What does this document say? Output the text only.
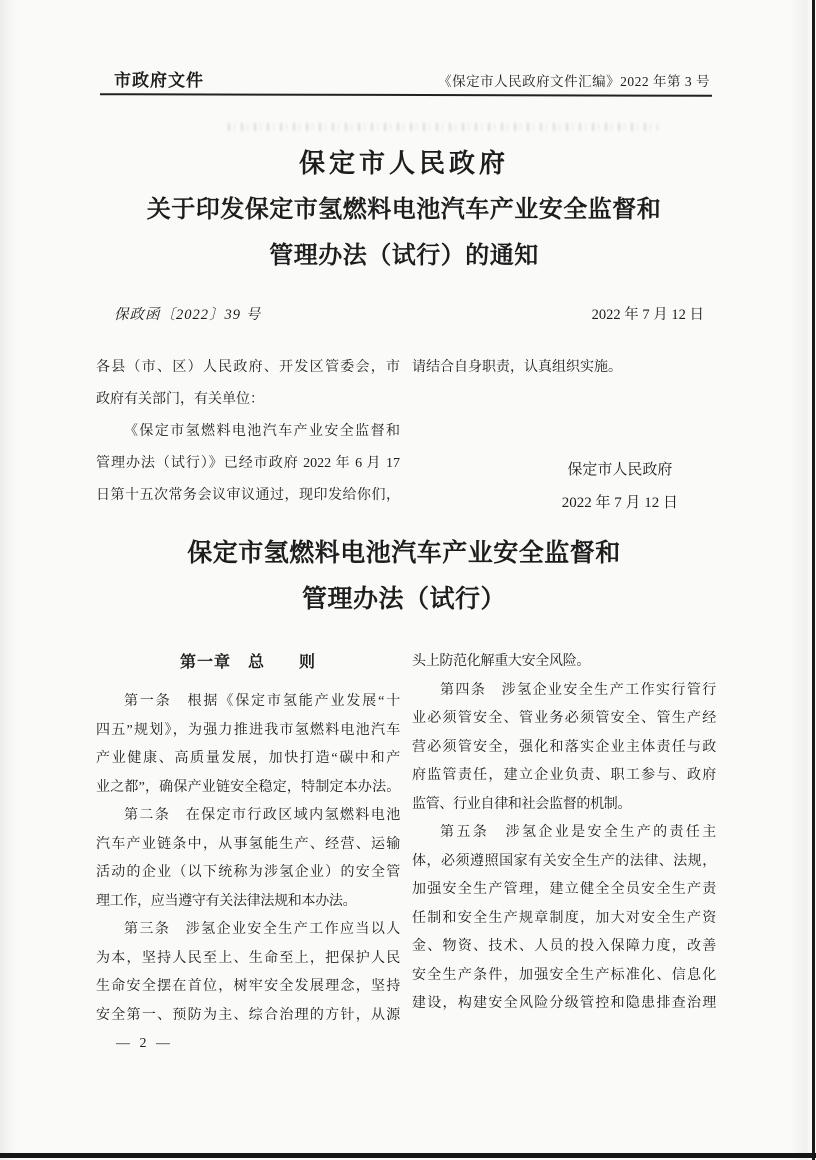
市政府文件	《保定市人民政府文件汇编》2022 年第 3 号
保定市人民政府
关于印发保定市氢燃料电池汽车产业安全监督和
管理办法（试行）的通知
保政函〔2022〕39 号	2022 年 7 月 12 日
各县（市、区）人民政府、开发区管委会，市
政府有关部门，有关单位：
《保定市氢燃料电池汽车产业安全监督和
管理办法（试行）》已经市政府 2022 年 6 月 17
日第十五次常务会议审议通过，现印发给你们，
请结合自身职责，认真组织实施。
保定市人民政府
2022 年 7 月 12 日
保定市氢燃料电池汽车产业安全监督和
管理办法（试行）
第一章　总　　则
第一条　根据《保定市氢能产业发展“十
四五”规划》，为强力推进我市氢燃料电池汽车
产业健康、高质量发展，加快打造“碳中和产
业之都”，确保产业链安全稳定，特制定本办法。
第二条　在保定市行政区域内氢燃料电池
汽车产业链条中，从事氢能生产、经营、运输
活动的企业（以下统称为涉氢企业）的安全管
理工作，应当遵守有关法律法规和本办法。
第三条　涉氢企业安全生产工作应当以人
为本，坚持人民至上、生命至上，把保护人民
生命安全摆在首位，树牢安全发展理念，坚持
安全第一、预防为主、综合治理的方针，从源
头上防范化解重大安全风险。
第四条　涉氢企业安全生产工作实行管行
业必须管安全、管业务必须管安全、管生产经
营必须管安全，强化和落实企业主体责任与政
府监管责任，建立企业负责、职工参与、政府
监管、行业自律和社会监督的机制。
第五条　涉氢企业是安全生产的责任主
体，必须遵照国家有关安全生产的法律、法规，
加强安全生产管理，建立健全全员安全生产责
任制和安全生产规章制度，加大对安全生产资
金、物资、技术、人员的投入保障力度，改善
安全生产条件，加强安全生产标准化、信息化
建设，构建安全风险分级管控和隐患排查治理
— 2 —
